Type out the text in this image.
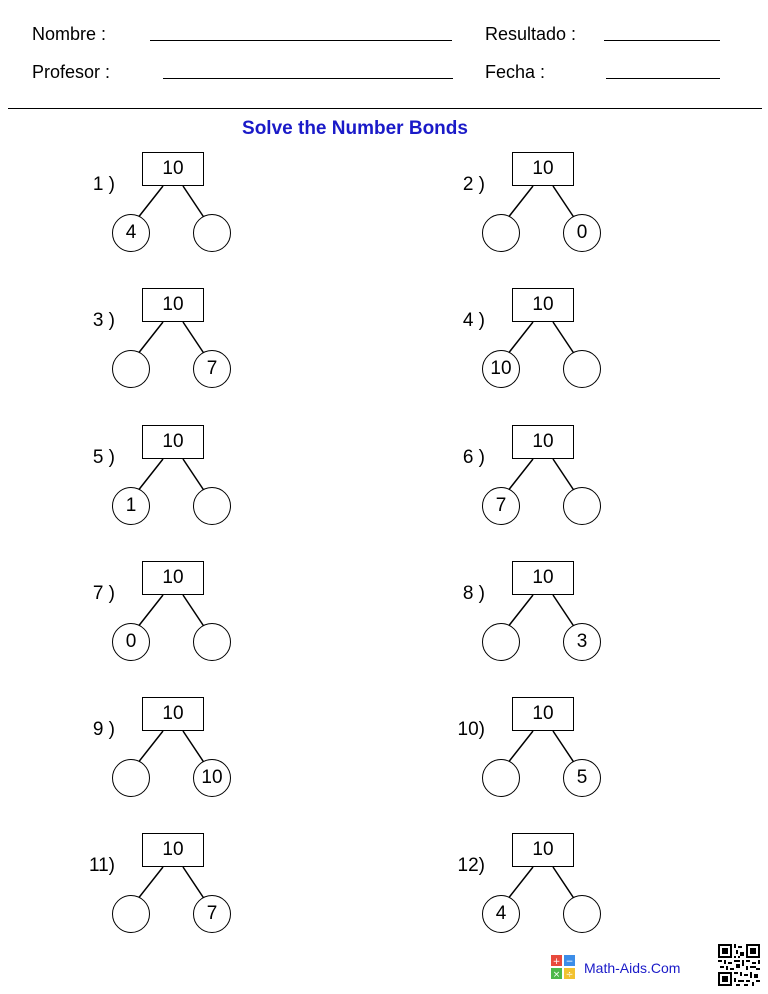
Nombre :
Profesor :
Resultado :
Fecha :
Solve the Number Bonds
1 )
10
4
2 )
10
0
3 )
10
7
4 )
10
10
5 )
10
1
6 )
10
7
7 )
10
0
8 )
10
3
9 )
10
10
10)
10
5
11)
10
7
12)
10
4
+ −
× ÷ Math-Aids.Com
